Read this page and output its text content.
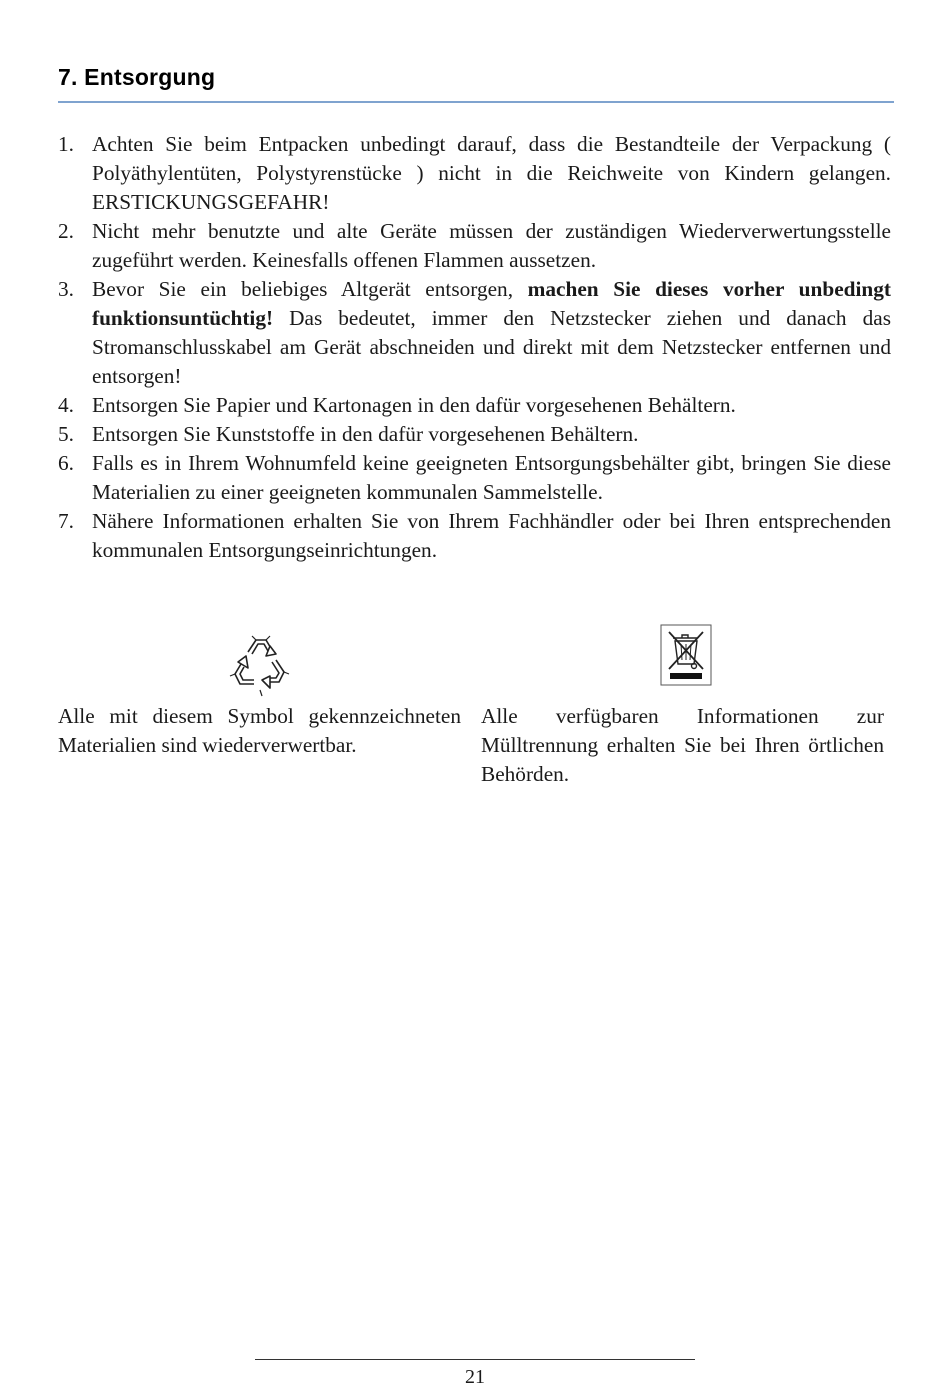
7. Entsorgung
1. Achten Sie beim Entpacken unbedingt darauf, dass die Bestandteile der Verpackung ( Polyäthylentüten, Polystyrenstücke ) nicht in die Reichweite von Kindern gelangen. ERSTICKUNGSGEFAHR!
2. Nicht mehr benutzte und alte Geräte müssen der zuständigen Wiederverwertungsstelle zugeführt werden. Keinesfalls offenen Flammen aussetzen.
3. Bevor Sie ein beliebiges Altgerät entsorgen, machen Sie dieses vorher unbedingt funktionsuntüchtig! Das bedeutet, immer den Netzstecker ziehen und danach das Stromanschlusskabel am Gerät abschneiden und direkt mit dem Netzstecker entfernen und entsorgen!
4. Entsorgen Sie Papier und Kartonagen in den dafür vorgesehenen Behältern.
5. Entsorgen Sie Kunststoffe in den dafür vorgesehenen Behältern.
6. Falls es in Ihrem Wohnumfeld keine geeigneten Entsorgungsbehälter gibt, bringen Sie diese Materialien zu einer geeigneten kommunalen Sammelstelle.
7. Nähere Informationen erhalten Sie von Ihrem Fachhändler oder bei Ihren entsprechenden kommunalen Entsorgungseinrichtungen.
Alle mit diesem Symbol gekennzeichneten Materialien sind wiederverwertbar.
Alle verfügbaren Informationen zur Mülltrennung erhalten Sie bei Ihren örtlichen Behörden.
21
